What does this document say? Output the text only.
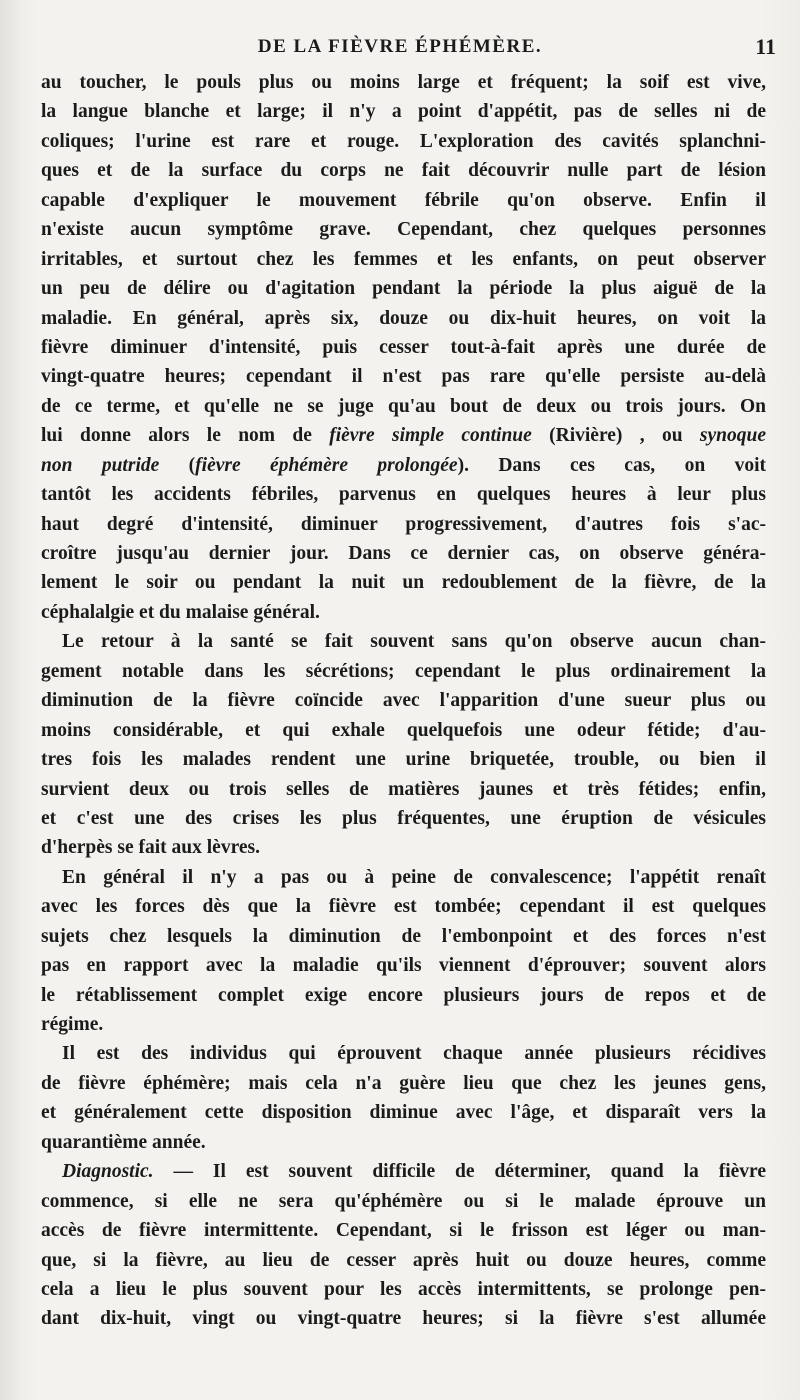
DE LA FIÈVRE ÉPHÉMÈRE.	11
au toucher, le pouls plus ou moins large et fréquent; la soif est vive,
la langue blanche et large; il n'y a point d'appétit, pas de selles ni de
coliques; l'urine est rare et rouge. L'exploration des cavités splanchni-
ques et de la surface du corps ne fait découvrir nulle part de lésion
capable d'expliquer le mouvement fébrile qu'on observe. Enfin il
n'existe aucun symptôme grave. Cependant, chez quelques personnes
irritables, et surtout chez les femmes et les enfants, on peut observer
un peu de délire ou d'agitation pendant la période la plus aiguë de la
maladie. En général, après six, douze ou dix-huit heures, on voit la
fièvre diminuer d'intensité, puis cesser tout-à-fait après une durée de
vingt-quatre heures; cependant il n'est pas rare qu'elle persiste au-delà
de ce terme, et qu'elle ne se juge qu'au bout de deux ou trois jours. On
lui donne alors le nom de fièvre simple continue (Rivière) , ou synoque
non putride (fièvre éphémère prolongée). Dans ces cas, on voit
tantôt les accidents fébriles, parvenus en quelques heures à leur plus
haut degré d'intensité, diminuer progressivement, d'autres fois s'ac-
croître jusqu'au dernier jour. Dans ce dernier cas, on observe généra-
lement le soir ou pendant la nuit un redoublement de la fièvre, de la
céphalalgie et du malaise général.
Le retour à la santé se fait souvent sans qu'on observe aucun chan-
gement notable dans les sécrétions; cependant le plus ordinairement la
diminution de la fièvre coïncide avec l'apparition d'une sueur plus ou
moins considérable, et qui exhale quelquefois une odeur fétide; d'au-
tres fois les malades rendent une urine briquetée, trouble, ou bien il
survient deux ou trois selles de matières jaunes et très fétides; enfin,
et c'est une des crises les plus fréquentes, une éruption de vésicules
d'herpès se fait aux lèvres.
En général il n'y a pas ou à peine de convalescence; l'appétit renaît
avec les forces dès que la fièvre est tombée; cependant il est quelques
sujets chez lesquels la diminution de l'embonpoint et des forces n'est
pas en rapport avec la maladie qu'ils viennent d'éprouver; souvent alors
le rétablissement complet exige encore plusieurs jours de repos et de
régime.
Il est des individus qui éprouvent chaque année plusieurs récidives
de fièvre éphémère; mais cela n'a guère lieu que chez les jeunes gens,
et généralement cette disposition diminue avec l'âge, et disparaît vers la
quarantième année.
Diagnostic. — Il est souvent difficile de déterminer, quand la fièvre
commence, si elle ne sera qu'éphémère ou si le malade éprouve un
accès de fièvre intermittente. Cependant, si le frisson est léger ou man-
que, si la fièvre, au lieu de cesser après huit ou douze heures, comme
cela a lieu le plus souvent pour les accès intermittents, se prolonge pen-
dant dix-huit, vingt ou vingt-quatre heures; si la fièvre s'est allumée
